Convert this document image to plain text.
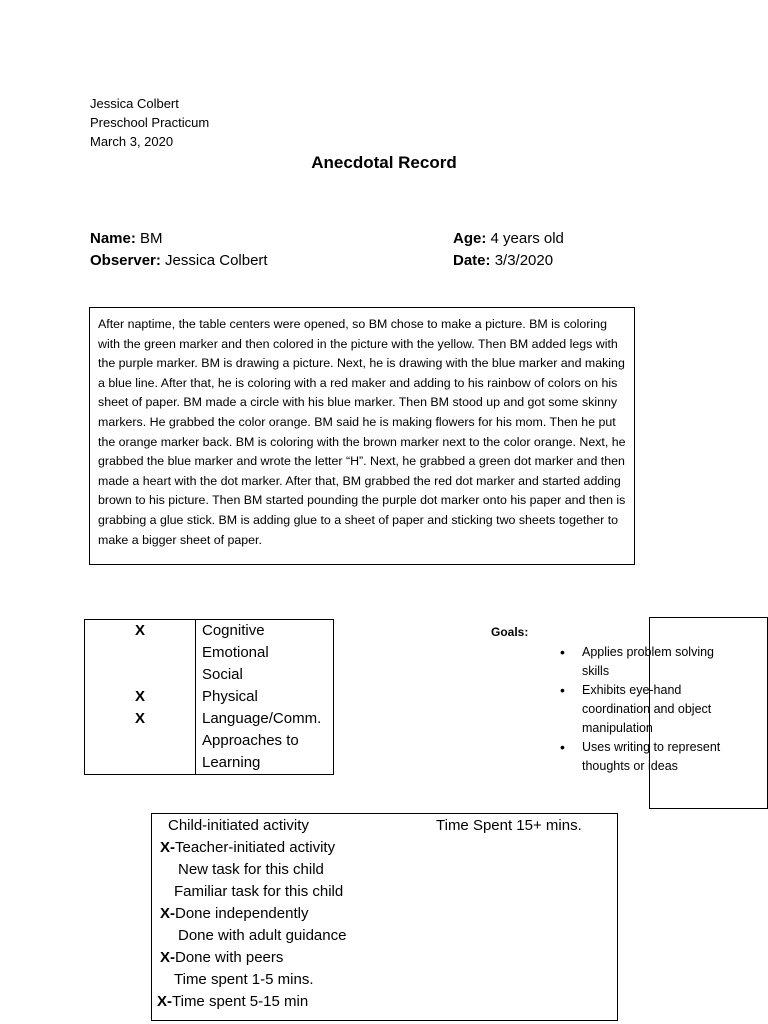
Jessica Colbert
Preschool Practicum
March 3, 2020
Anecdotal Record
Name: BM
Observer: Jessica Colbert
Age: 4 years old
Date: 3/3/2020
After naptime, the table centers were opened, so BM chose to make a picture. BM is coloring with the green marker and then colored in the picture with the yellow. Then BM added legs with the purple marker. BM is drawing a picture. Next, he is drawing with the blue marker and making a blue line. After that, he is coloring with a red maker and adding to his rainbow of colors on his sheet of paper. BM made a circle with his blue marker. Then BM stood up and got some skinny markers. He grabbed the color orange. BM said he is making flowers for his mom. Then he put the orange marker back. BM is coloring with the brown marker next to the color orange. Next, he grabbed the blue marker and wrote the letter “H”. Next, he grabbed a green dot marker and then made a heart with the dot marker. After that, BM grabbed the red dot marker and started adding brown to his picture. Then BM started pounding the purple dot marker onto his paper and then is grabbing a glue stick. BM is adding glue to a sheet of paper and sticking two sheets together to make a bigger sheet of paper.
X	Cognitive
	Emotional
	Social
X	Physical
X	Language/Comm.
	Approaches to
	Learning
Goals:
• Applies problem solving skills
• Exhibits eye-hand coordination and object manipulation
• Uses writing to represent thoughts or ideas
Child-initiated activity
X-Teacher-initiated activity
New task for this child
Familiar task for this child
X-Done independently
Done with adult guidance
X-Done with peers
Time spent 1-5 mins.
X-Time spent 5-15 min
Time Spent 15+ mins.
